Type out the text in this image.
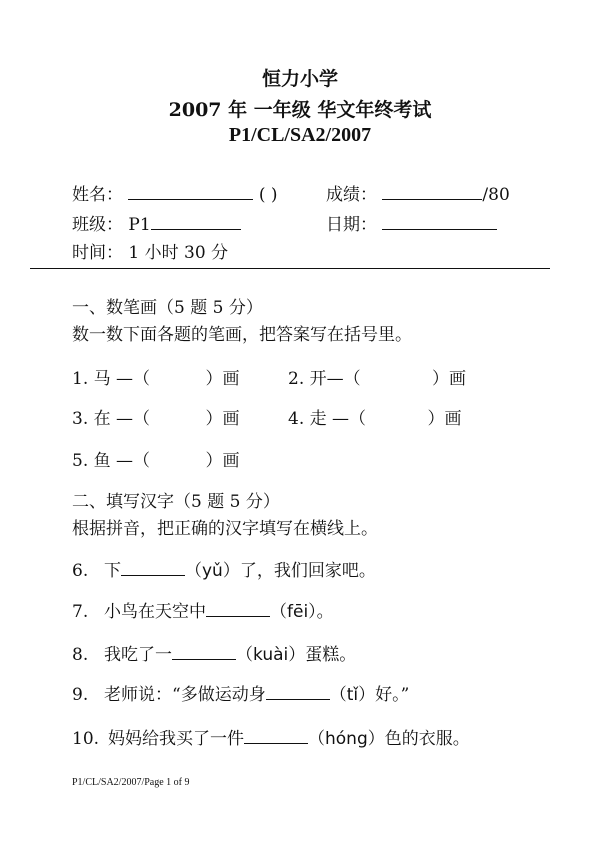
恒力小学
2007 年 一年级 华文年终考试
P1/CL/SA2/2007
姓名：	( )	成绩：	/80
班级： P1	日期：
时间： 1 小时 30 分
一、数笔画（5 题 5 分）
数一数下面各题的笔画，把答案写在括号里。
1. 马 —（	）画	2. 开—（	）画
3. 在 —（	）画	4. 走 —（	）画
5. 鱼 —（	）画
二、填写汉字（5 题 5 分）
根据拼音，把正确的汉字填写在横线上。
6. 下	（yǔ）了，我们回家吧。
7. 小鸟在天空中	（fēi）。
8. 我吃了一	（kuài）蛋糕。
9. 老师说：“多做运动身	（tǐ）好。”
10. 妈妈给我买了一件	（hóng）色的衣服。
P1/CL/SA2/2007/Page 1 of 9
